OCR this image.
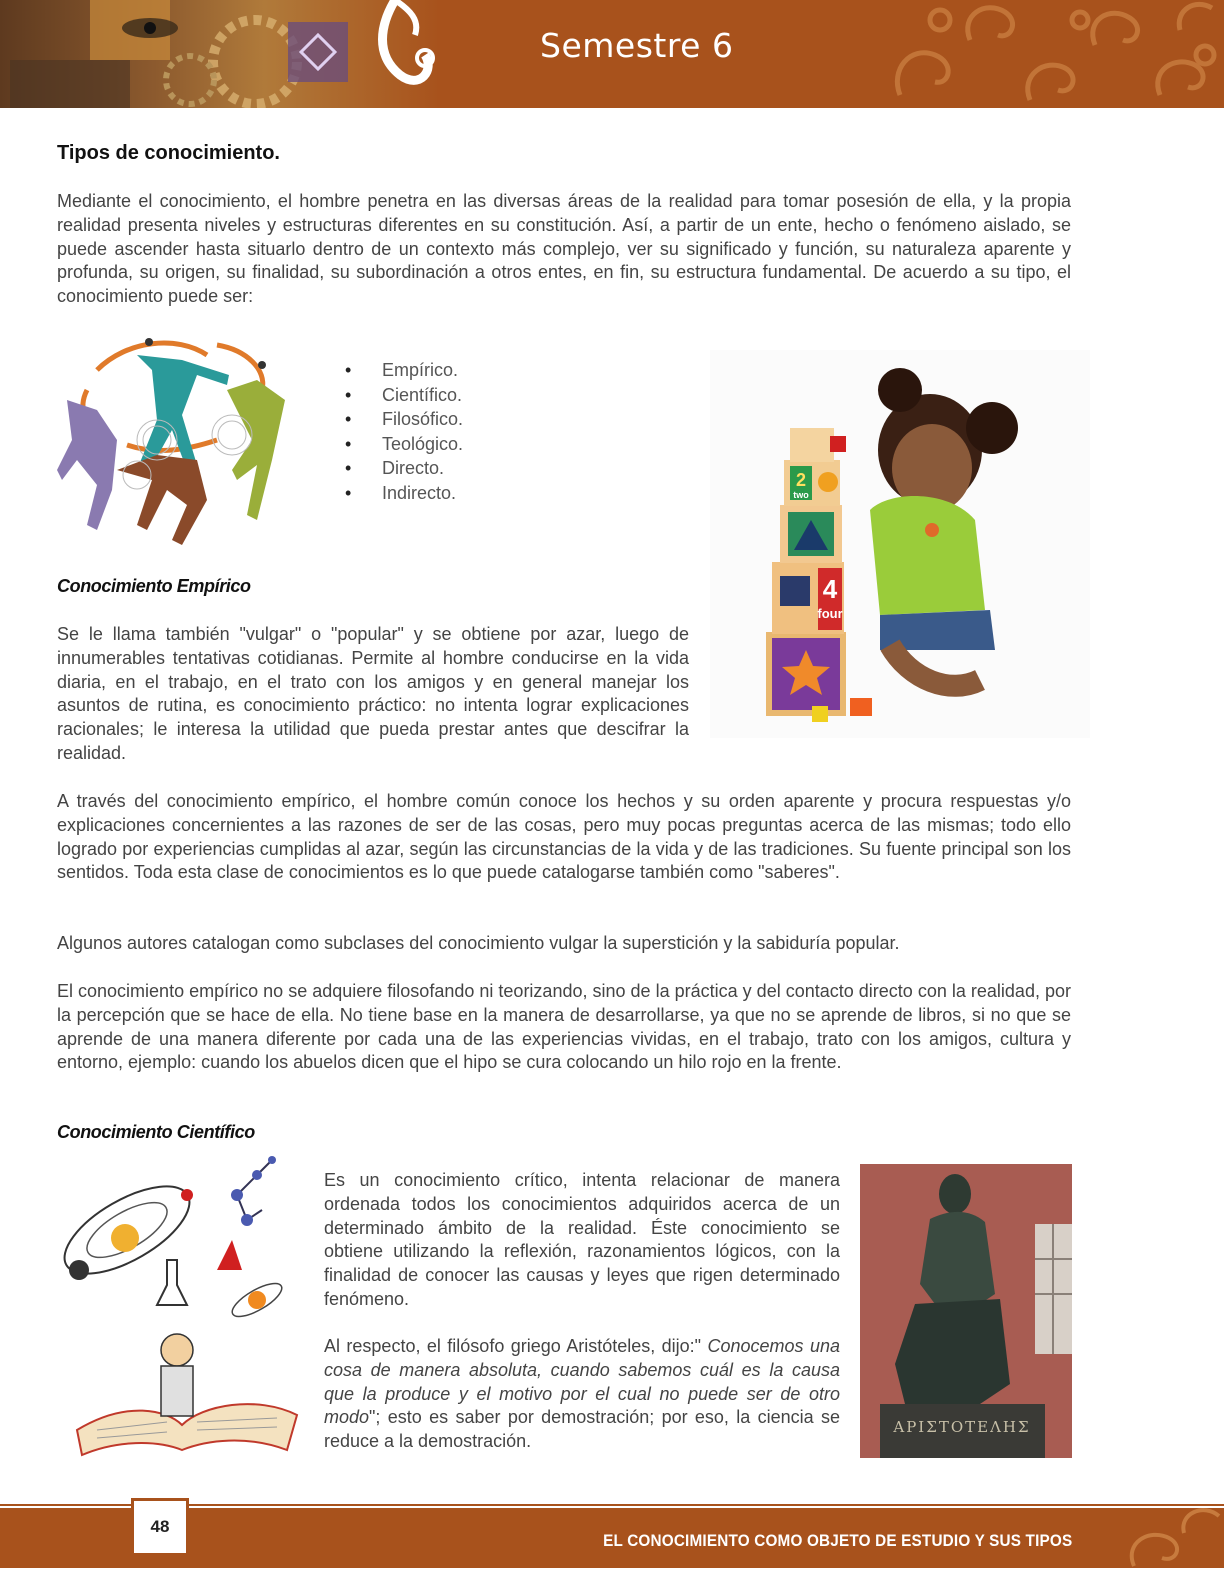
Semestre 6
Tipos de conocimiento.

Mediante el conocimiento, el hombre penetra en las diversas áreas de la realidad para tomar posesión de ella, y la propia realidad presenta niveles y estructuras diferentes en su constitución. Así, a partir de un ente, hecho o fenómeno aislado, se puede ascender hasta situarlo dentro de un contexto más complejo, ver su significado y función, su naturaleza aparente y profunda, su origen, su finalidad, su subordinación a otros entes, en fin, su estructura fundamental. De acuerdo a su tipo, el conocimiento puede ser:

• Empírico.
• Científico.
• Filosófico.
• Teológico.
• Directo.
• Indirecto.
4
four
2
two
Conocimiento Empírico

Se le llama también "vulgar" o "popular" y se obtiene por azar, luego de innumerables tentativas cotidianas. Permite al hombre conducirse en la vida diaria, en el trabajo, en el trato con los amigos y en general manejar los asuntos de rutina, es conocimiento práctico: no intenta lograr explicaciones racionales; le interesa la utilidad que pueda prestar antes que descifrar la realidad.

A través del conocimiento empírico, el hombre común conoce los hechos y su orden aparente y procura respuestas y/o explicaciones concernientes a las razones de ser de las cosas, pero muy pocas preguntas acerca de las mismas; todo ello logrado por experiencias cumplidas al azar, según las circunstancias de la vida y de las tradiciones. Su fuente principal son los sentidos. Toda esta clase de conocimientos es lo que puede catalogarse también como "saberes".

Algunos autores catalogan como subclases del conocimiento vulgar la superstición y la sabiduría popular.

El conocimiento empírico no se adquiere filosofando ni teorizando, sino de la práctica y del contacto directo con la realidad, por la percepción que se hace de ella. No tiene base en la manera de desarrollarse, ya que no se aprende de libros, si no que se aprende de una manera diferente por cada una de las experiencias vividas, en el trabajo, trato con los amigos, cultura y entorno, ejemplo: cuando los abuelos dicen que el hipo se cura colocando un hilo rojo en la frente.

Conocimiento Científico

Es un conocimiento crítico, intenta relacionar de manera ordenada todos los conocimientos adquiridos acerca de un determinado ámbito de la realidad. Éste conocimiento se obtiene utilizando la reflexión, razonamientos lógicos, con la finalidad de conocer las causas y leyes que rigen determinado fenómeno.

Al respecto, el filósofo griego Aristóteles, dijo:" Conocemos una cosa de manera absoluta, cuando sabemos cuál es la causa que la produce y el motivo por el cual no puede ser de otro modo"; esto es saber por demostración; por eso, la ciencia se reduce a la demostración.

ΑΡΙΣΤΟΤΕΛΗΣ
48
EL CONOCIMIENTO COMO OBJETO DE ESTUDIO Y SUS TIPOS
